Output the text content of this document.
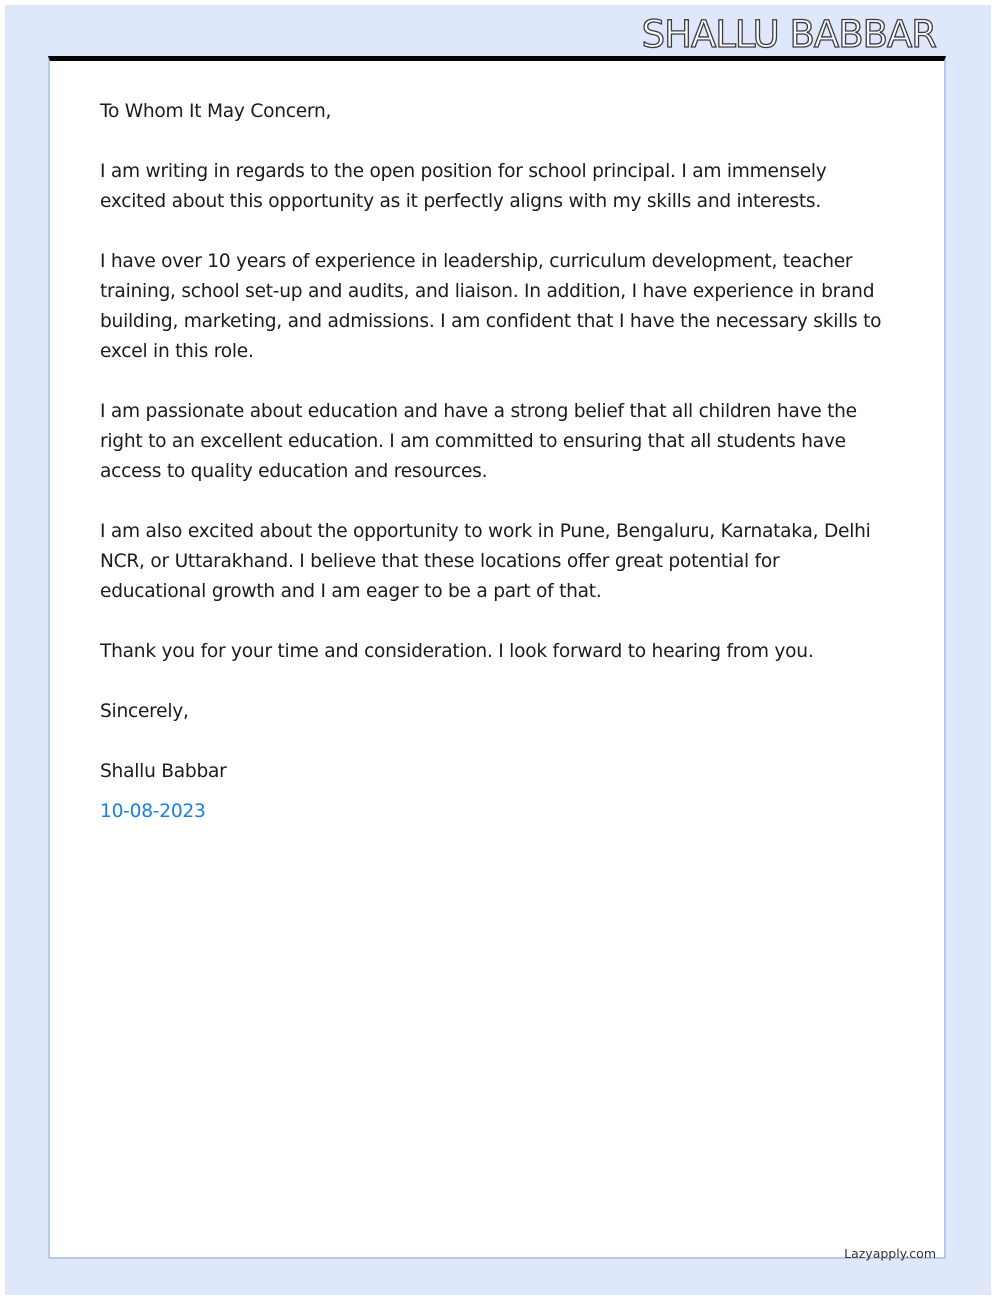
SHALLU BABBAR

To Whom It May Concern,

I am writing in regards to the open position for school principal. I am immensely excited about this opportunity as it perfectly aligns with my skills and interests.

I have over 10 years of experience in leadership, curriculum development, teacher training, school set-up and audits, and liaison. In addition, I have experience in brand building, marketing, and admissions. I am confident that I have the necessary skills to excel in this role.

I am passionate about education and have a strong belief that all children have the right to an excellent education. I am committed to ensuring that all students have access to quality education and resources.

I am also excited about the opportunity to work in Pune, Bengaluru, Karnataka, Delhi NCR, or Uttarakhand. I believe that these locations offer great potential for educational growth and I am eager to be a part of that.

Thank you for your time and consideration. I look forward to hearing from you.

Sincerely,

Shallu Babbar

10-08-2023

Lazyapply.com
